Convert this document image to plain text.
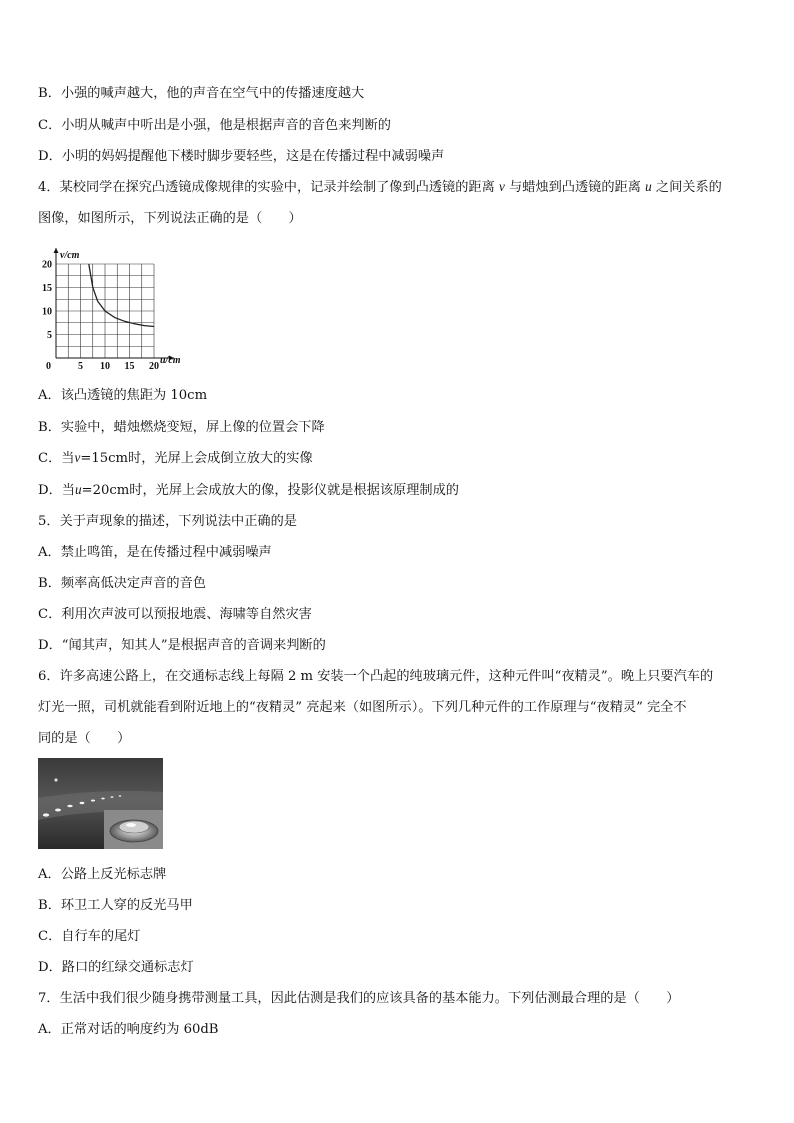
B．小强的喊声越大，他的声音在空气中的传播速度越大
C．小明从喊声中听出是小强，他是根据声音的音色来判断的
D．小明的妈妈提醒他下楼时脚步要轻些，这是在传播过程中减弱噪声
4．某校同学在探究凸透镜成像规律的实验中，记录并绘制了像到凸透镜的距离 v 与蜡烛到凸透镜的距离 u 之间关系的
图像，如图所示，下列说法正确的是（　　）
v/cm
u/cm
0	5 10 15 20
5
10
15
20
A．该凸透镜的焦距为 10cm
B．实验中，蜡烛燃烧变短，屏上像的位置会下降
C．当v=15cm时，光屏上会成倒立放大的实像
D．当u=20cm时，光屏上会成放大的像，投影仪就是根据该原理制成的
5．关于声现象的描述，下列说法中正确的是
A．禁止鸣笛，是在传播过程中减弱噪声
B．频率高低决定声音的音色
C．利用次声波可以预报地震、海啸等自然灾害
D．“闻其声，知其人”是根据声音的音调来判断的
6．许多高速公路上，在交通标志线上每隔 2 m 安装一个凸起的纯玻璃元件，这种元件叫“夜精灵”。晚上只要汽车的
灯光一照，司机就能看到附近地上的“夜精灵” 亮起来（如图所示）。下列几种元件的工作原理与“夜精灵” 完全不
同的是（　　）
A．公路上反光标志牌
B．环卫工人穿的反光马甲
C．自行车的尾灯
D．路口的红绿交通标志灯
7．生活中我们很少随身携带测量工具，因此估测是我们的应该具备的基本能力。下列估测最合理的是（　　）
A．正常对话的响度约为 60dB
